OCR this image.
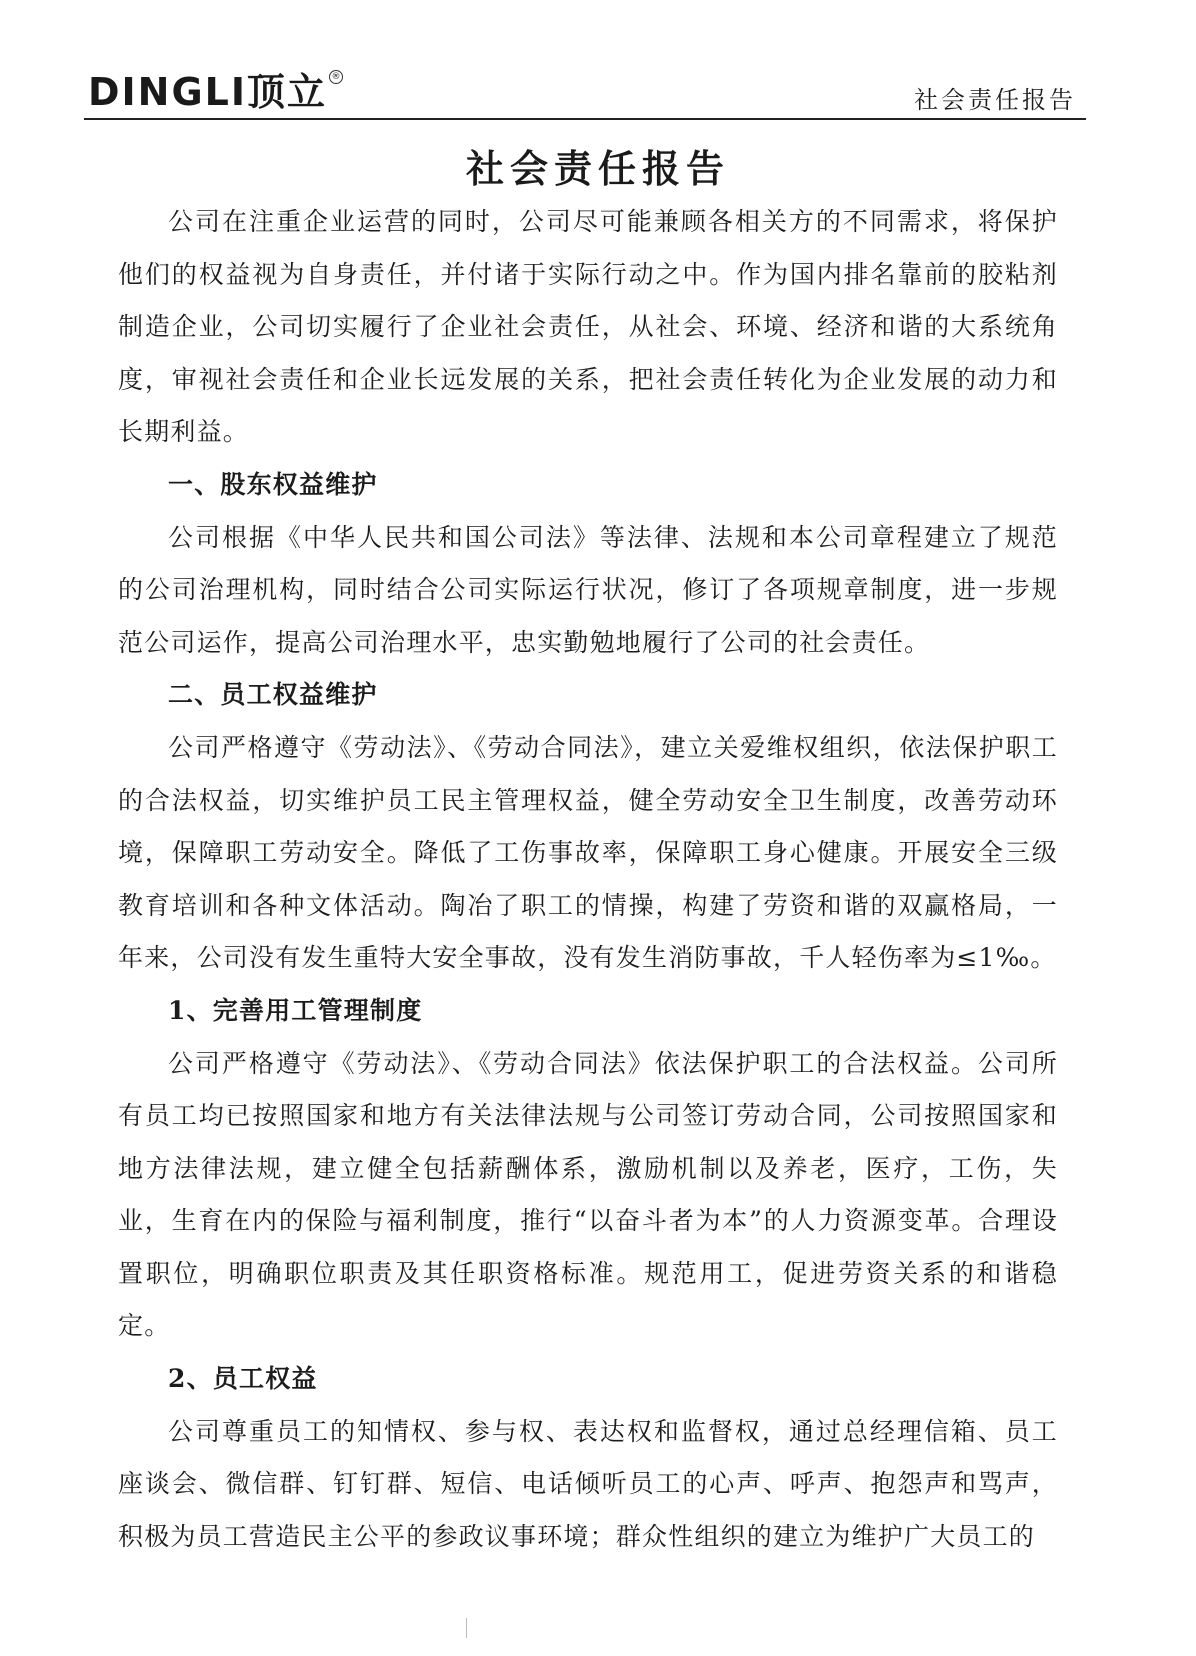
DINGLI顶立 ®
社会责任报告
社会责任报告

公司在注重企业运营的同时，公司尽可能兼顾各相关方的不同需求，将保护他们的权益视为自身责任，并付诸于实际行动之中。作为国内排名靠前的胶粘剂制造企业，公司切实履行了企业社会责任，从社会、环境、经济和谐的大系统角度，审视社会责任和企业长远发展的关系，把社会责任转化为企业发展的动力和长期利益。

一、股东权益维护

公司根据《中华人民共和国公司法》等法律、法规和本公司章程建立了规范的公司治理机构，同时结合公司实际运行状况，修订了各项规章制度，进一步规范公司运作，提高公司治理水平，忠实勤勉地履行了公司的社会责任。

二、员工权益维护

公司严格遵守《劳动法》、《劳动合同法》，建立关爱维权组织，依法保护职工的合法权益，切实维护员工民主管理权益，健全劳动安全卫生制度，改善劳动环境，保障职工劳动安全。降低了工伤事故率，保障职工身心健康。开展安全三级教育培训和各种文体活动。陶冶了职工的情操，构建了劳资和谐的双赢格局，一年来，公司没有发生重特大安全事故，没有发生消防事故，千人轻伤率为≤1‰。

1、完善用工管理制度

公司严格遵守《劳动法》、《劳动合同法》依法保护职工的合法权益。公司所有员工均已按照国家和地方有关法律法规与公司签订劳动合同，公司按照国家和地方法律法规，建立健全包括薪酬体系，激励机制以及养老，医疗，工伤，失业，生育在内的保险与福利制度，推行“以奋斗者为本”的人力资源变革。合理设置职位，明确职位职责及其任职资格标准。规范用工，促进劳资关系的和谐稳定。

2、员工权益

公司尊重员工的知情权、参与权、表达权和监督权，通过总经理信箱、员工座谈会、微信群、钉钉群、短信、电话倾听员工的心声、呼声、抱怨声和骂声，积极为员工营造民主公平的参政议事环境；群众性组织的建立为维护广大员工的
